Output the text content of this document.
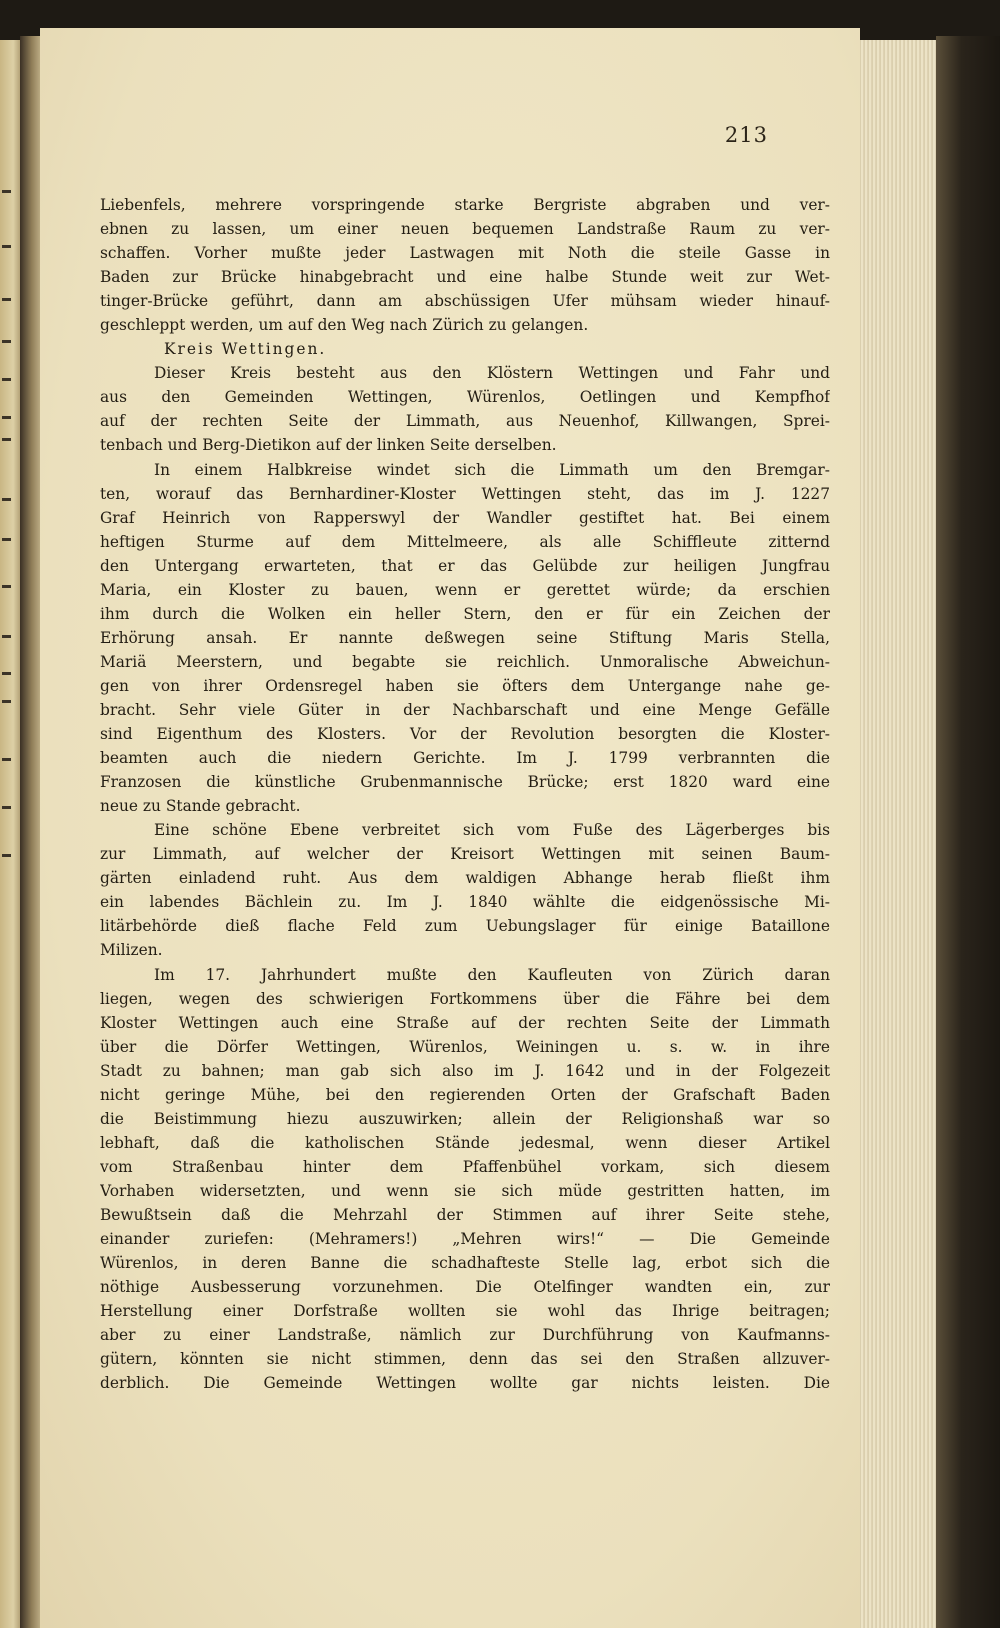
213
Liebenfels, mehrere vorspringende starke Bergriste abgraben und ver-
ebnen zu lassen, um einer neuen bequemen Landstraße Raum zu ver-
schaffen. Vorher mußte jeder Lastwagen mit Noth die steile Gasse in
Baden zur Brücke hinabgebracht und eine halbe Stunde weit zur Wet-
tinger-Brücke geführt, dann am abschüssigen Ufer mühsam wieder hinauf-
geschleppt werden, um auf den Weg nach Zürich zu gelangen.
Kreis Wettingen.
Dieser Kreis besteht aus den Klöstern Wettingen und Fahr und
aus den Gemeinden Wettingen, Würenlos, Oetlingen und Kempfhof
auf der rechten Seite der Limmath, aus Neuenhof, Killwangen, Sprei-
tenbach und Berg-Dietikon auf der linken Seite derselben.
In einem Halbkreise windet sich die Limmath um den Bremgar-
ten, worauf das Bernhardiner-Kloster Wettingen steht, das im J. 1227
Graf Heinrich von Rapperswyl der Wandler gestiftet hat. Bei einem
heftigen Sturme auf dem Mittelmeere, als alle Schiffleute zitternd
den Untergang erwarteten, that er das Gelübde zur heiligen Jungfrau
Maria, ein Kloster zu bauen, wenn er gerettet würde; da erschien
ihm durch die Wolken ein heller Stern, den er für ein Zeichen der
Erhörung ansah. Er nannte deßwegen seine Stiftung Maris Stella,
Mariä Meerstern, und begabte sie reichlich. Unmoralische Abweichun-
gen von ihrer Ordensregel haben sie öfters dem Untergange nahe ge-
bracht. Sehr viele Güter in der Nachbarschaft und eine Menge Gefälle
sind Eigenthum des Klosters. Vor der Revolution besorgten die Kloster-
beamten auch die niedern Gerichte. Im J. 1799 verbrannten die
Franzosen die künstliche Grubenmannische Brücke; erst 1820 ward eine
neue zu Stande gebracht.
Eine schöne Ebene verbreitet sich vom Fuße des Lägerberges bis
zur Limmath, auf welcher der Kreisort Wettingen mit seinen Baum-
gärten einladend ruht. Aus dem waldigen Abhange herab fließt ihm
ein labendes Bächlein zu. Im J. 1840 wählte die eidgenössische Mi-
litärbehörde dieß flache Feld zum Uebungslager für einige Bataillone
Milizen.
Im 17. Jahrhundert mußte den Kaufleuten von Zürich daran
liegen, wegen des schwierigen Fortkommens über die Fähre bei dem
Kloster Wettingen auch eine Straße auf der rechten Seite der Limmath
über die Dörfer Wettingen, Würenlos, Weiningen u. s. w. in ihre
Stadt zu bahnen; man gab sich also im J. 1642 und in der Folgezeit
nicht geringe Mühe, bei den regierenden Orten der Grafschaft Baden
die Beistimmung hiezu auszuwirken; allein der Religionshaß war so
lebhaft, daß die katholischen Stände jedesmal, wenn dieser Artikel
vom Straßenbau hinter dem Pfaffenbühel vorkam, sich diesem
Vorhaben widersetzten, und wenn sie sich müde gestritten hatten, im
Bewußtsein daß die Mehrzahl der Stimmen auf ihrer Seite stehe,
einander zuriefen: (Mehramers!) „Mehren wirs!“ — Die Gemeinde
Würenlos, in deren Banne die schadhafteste Stelle lag, erbot sich die
nöthige Ausbesserung vorzunehmen. Die Otelfinger wandten ein, zur
Herstellung einer Dorfstraße wollten sie wohl das Ihrige beitragen;
aber zu einer Landstraße, nämlich zur Durchführung von Kaufmanns-
gütern, könnten sie nicht stimmen, denn das sei den Straßen allzuver-
derblich. Die Gemeinde Wettingen wollte gar nichts leisten. Die
